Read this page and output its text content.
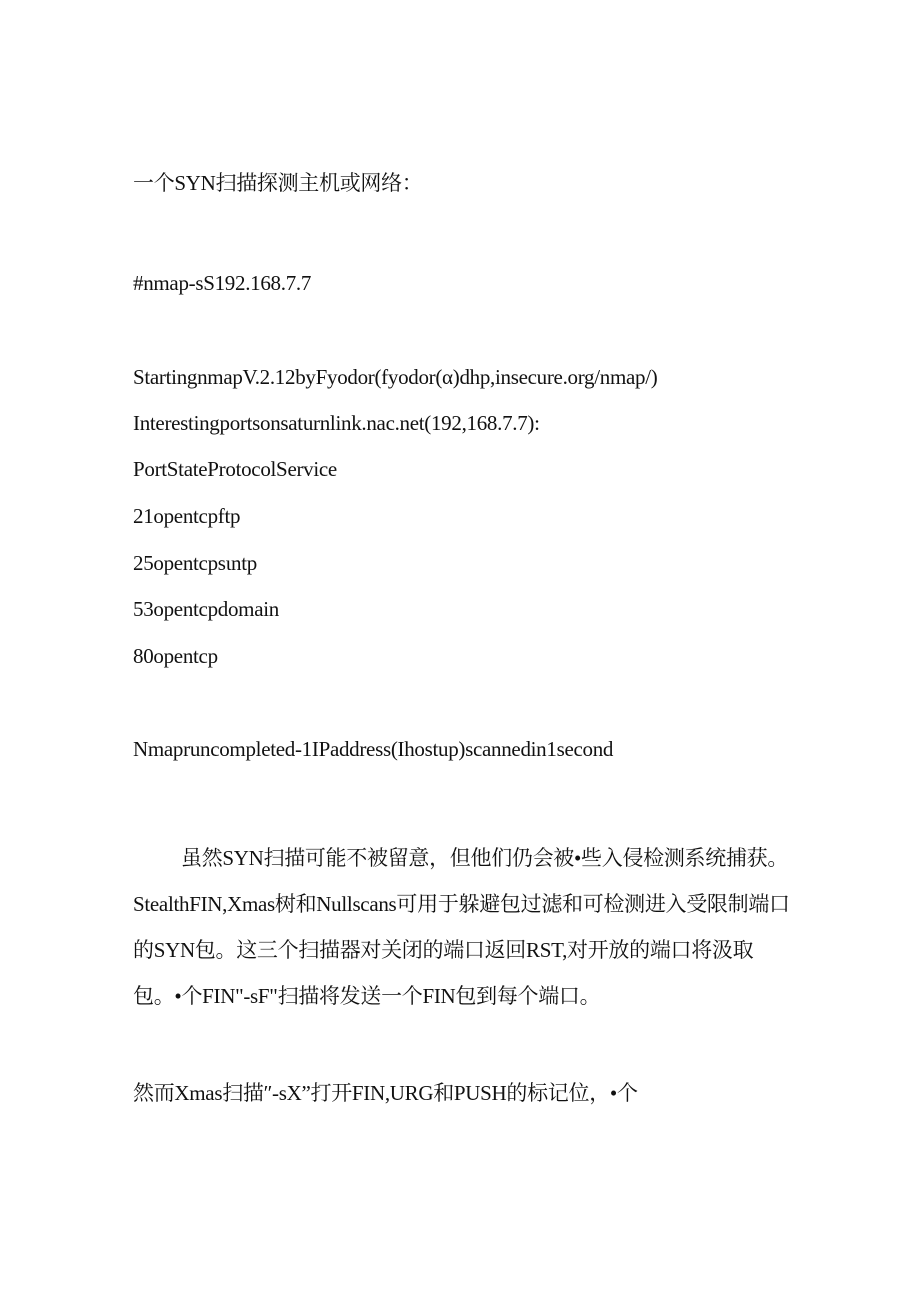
一个SYN扫描探测主机或网络：
#nmap-sS192.168.7.7
StartingnmapV.2.12byFyodor(fyodor(α)dhp,insecure.org/nmap/)
Interestingportsonsaturnlink.nac.net(192,168.7.7):
PortStateProtocolService
21opentcpftp
25opentcpsιntp
53opentcpdomain
80opentcp
Nmapruncompleted-1IPaddress(Ihostup)scannedin1second

虽然SYN扫描可能不被留意，但他们仍会被•些入侵检测系统捕获。StealthFIN,Xmas树和Nullscans可用于躲避包过滤和可检测进入受限制端口的SYN包。这三个扫描器对关闭的端口返回RST,对开放的端口将汲取包。•个FIN"-sF"扫描将发送一个FIN包到每个端口。

然而Xmas扫描″-sX”打开FIN,URG和PUSH的标记位，•个
